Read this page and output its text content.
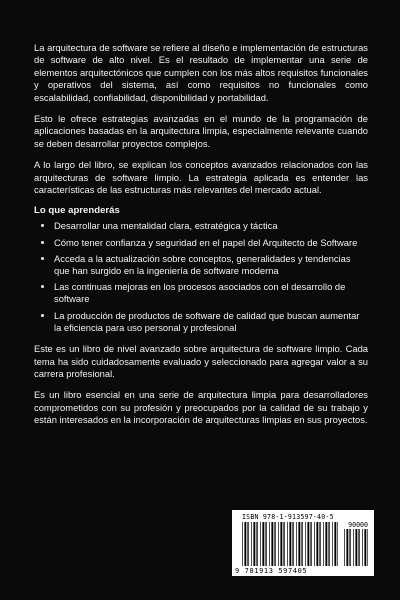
La arquitectura de software se refiere al diseño e implementación de estructuras de software de alto nivel. Es el resultado de implementar una serie de elementos arquitectónicos que cumplen con los más altos requisitos funcionales y operativos del sistema, así como requisitos no funcionales como escalabilidad, confiabilidad, disponibilidad y portabilidad.

Esto le ofrece estrategias avanzadas en el mundo de la programación de aplicaciones basadas en la arquitectura limpia, especialmente relevante cuando se deben desarrollar proyectos complejos.

A lo largo del libro, se explican los conceptos avanzados relacionados con las arquitecturas de software limpio. La estrategia aplicada es entender las características de las estructuras más relevantes del mercado actual.

Lo que aprenderás
• Desarrollar una mentalidad clara, estratégica y táctica
• Cómo tener confianza y seguridad en el papel del Arquitecto de Software
• Acceda a la actualización sobre conceptos, generalidades y tendencias que han surgido en la ingeniería de software moderna
• Las continuas mejoras en los procesos asociados con el desarrollo de software
• La producción de productos de software de calidad que buscan aumentar la eficiencia para uso personal y profesional

Este es un libro de nivel avanzado sobre arquitectura de software limpio. Cada tema ha sido cuidadosamente evaluado y seleccionado para agregar valor a su carrera profesional.

Es un libro esencial en una serie de arquitectura limpia para desarrolladores comprometidos con su profesión y preocupados por la calidad de su trabajo y están interesados en la incorporación de arquitecturas limpias en sus proyectos.

ISBN 978-1-913597-40-5
90000
9 781913 597405
